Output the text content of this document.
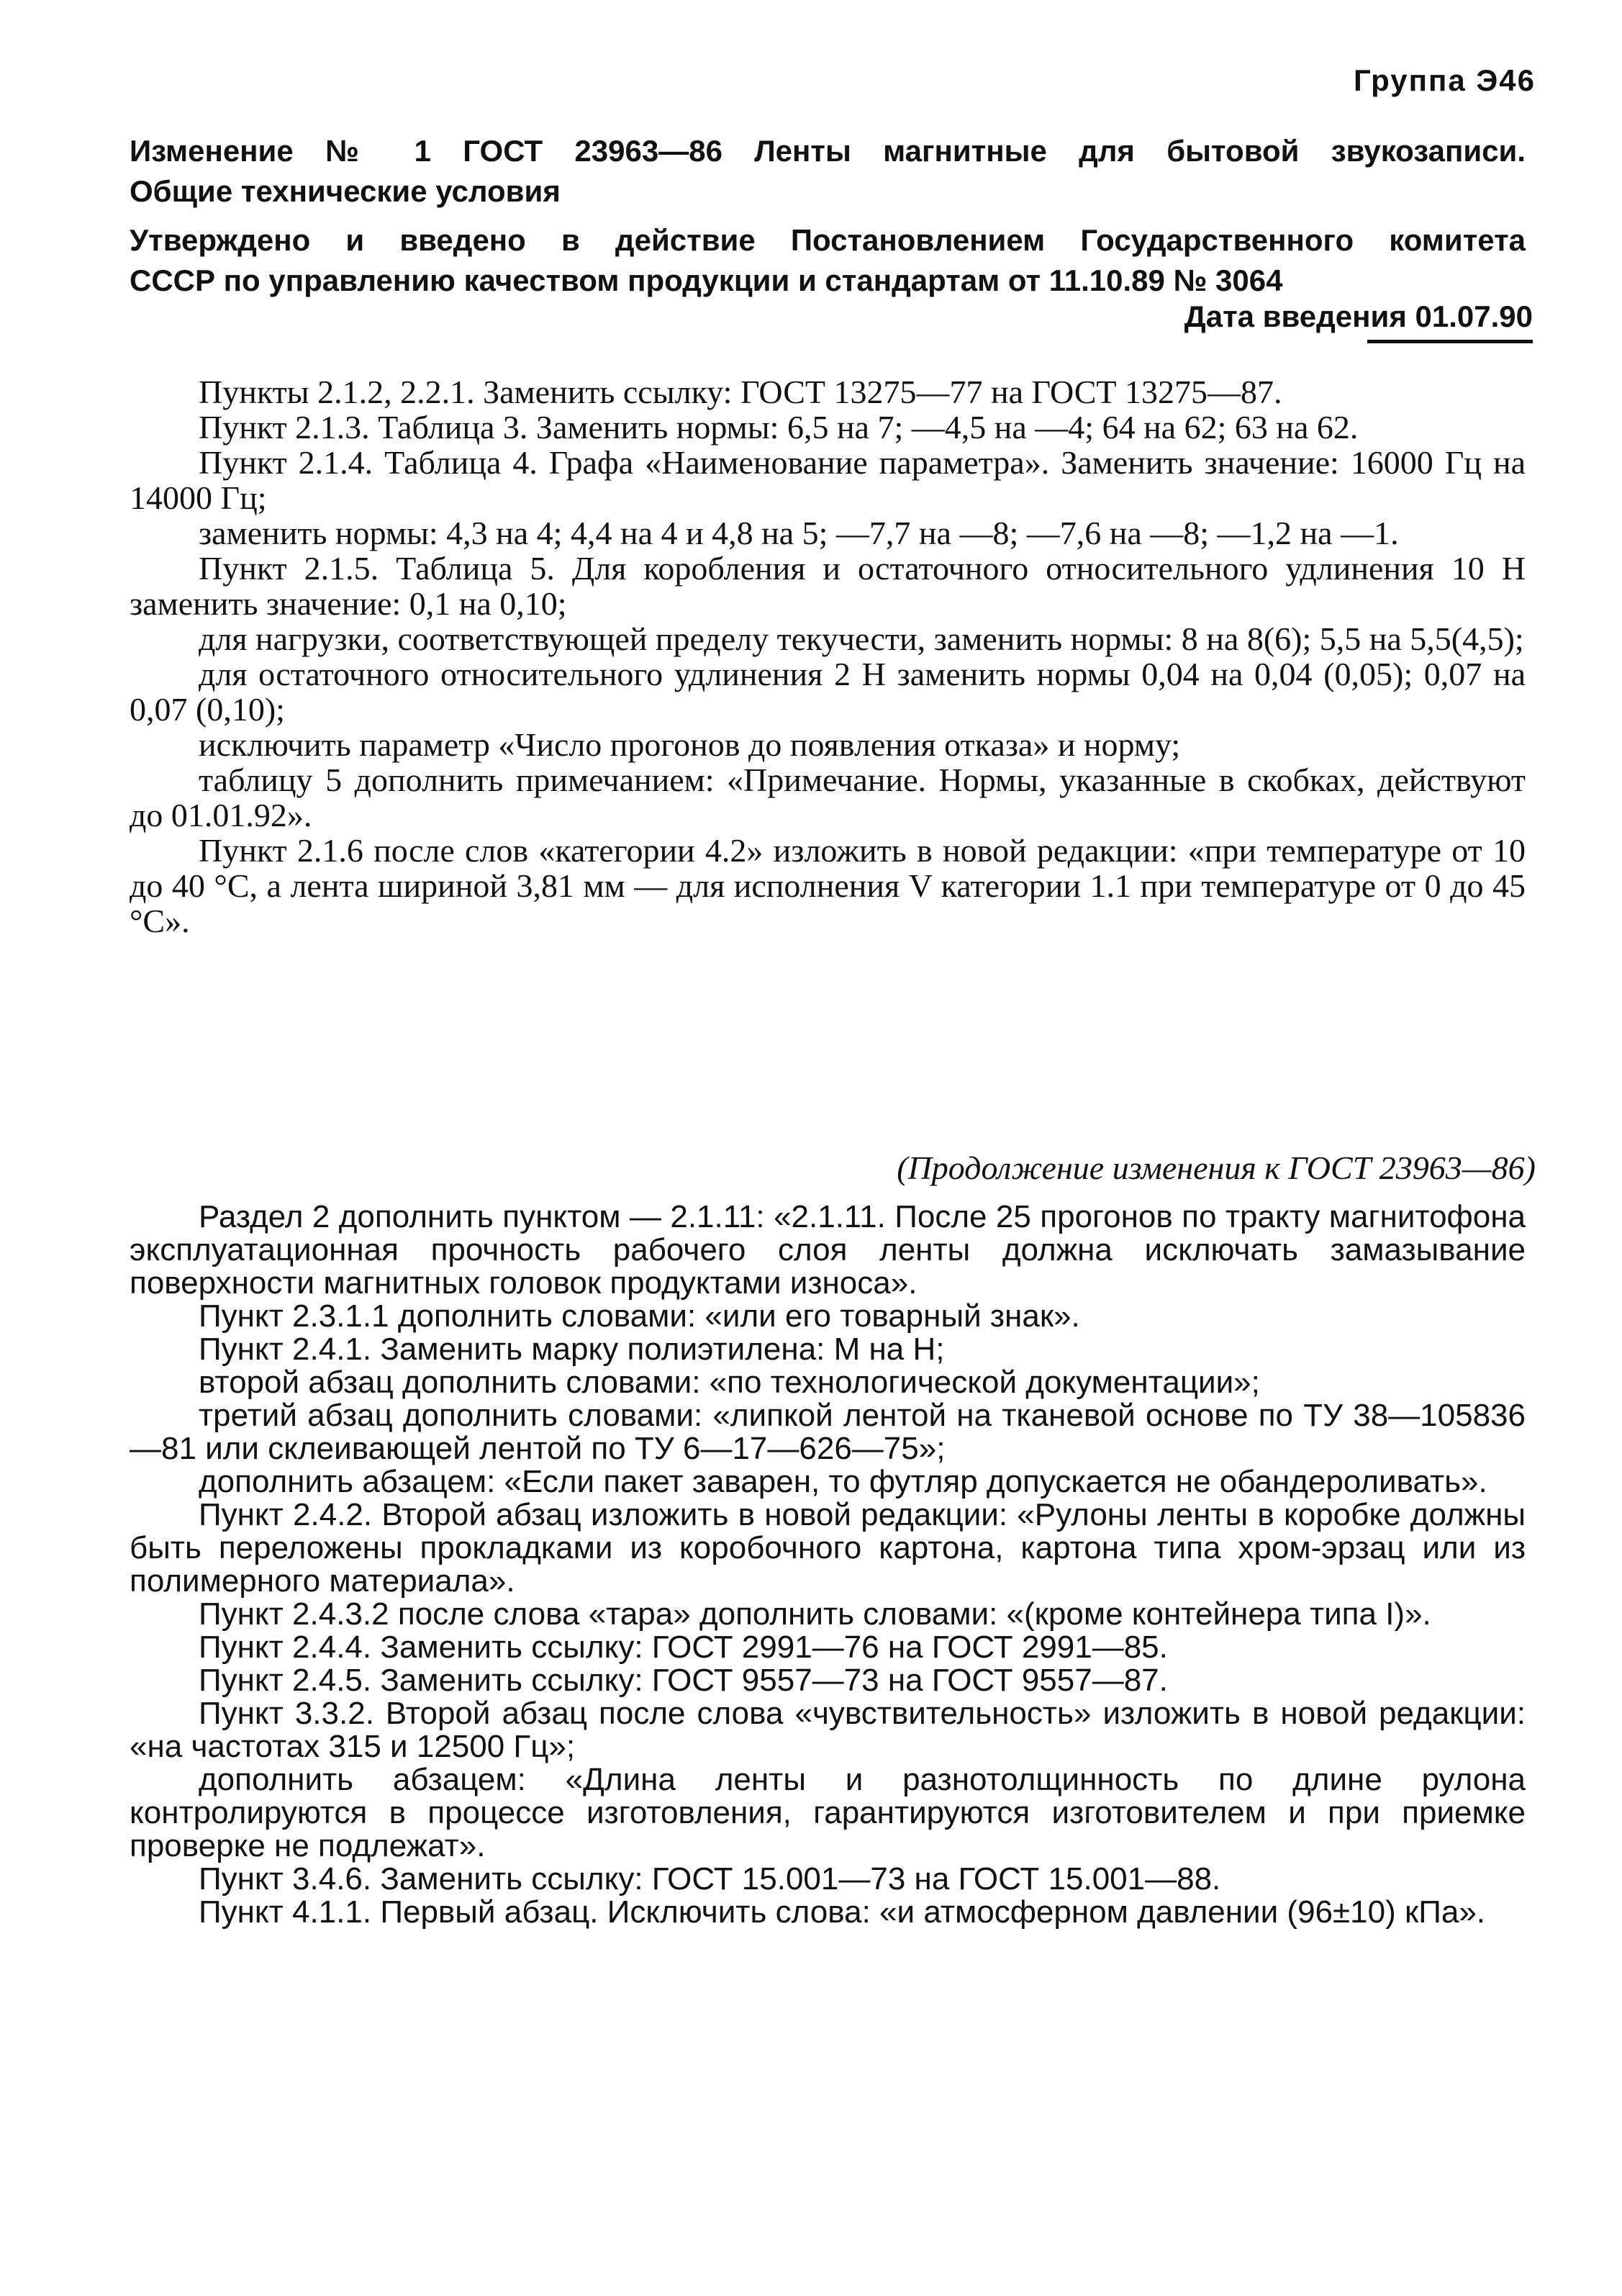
Группа Э46

Изменение № 1 ГОСТ 23963—86 Ленты магнитные для бытовой звукозаписи.

Общие технические условия

Утверждено и введено в действие Постановлением Государственного комитета

СССР по управлению качеством продукции и стандартам от 11.10.89 № 3064

Дата введения 01.07.90

Пункты 2.1.2, 2.2.1. Заменить ссылку: ГОСТ 13275—77 на ГОСТ 13275—87.

Пункт 2.1.3. Таблица 3. Заменить нормы: 6,5 на 7; —4,5 на —4; 64 на 62; 63 на 62.

Пункт 2.1.4. Таблица 4. Графа «Наименование параметра». Заменить значение: 16000 Гц на 14000 Гц;

заменить нормы: 4,3 на 4; 4,4 на 4 и 4,8 на 5; —7,7 на —8; —7,6 на —8; —1,2 на —1.

Пункт 2.1.5. Таблица 5. Для коробления и остаточного относительного удлинения 10 Н заменить значение: 0,1 на 0,10;

для нагрузки, соответствующей пределу текучести, заменить нормы: 8 на 8(6); 5,5 на 5,5(4,5);

для остаточного относительного удлинения 2 Н заменить нормы 0,04 на 0,04 (0,05); 0,07 на 0,07 (0,10);

исключить параметр «Число прогонов до появления отказа» и норму;

таблицу 5 дополнить примечанием: «Примечание. Нормы, указанные в скобках, действуют до 01.01.92».

Пункт 2.1.6 после слов «категории 4.2» изложить в новой редакции: «при температуре от 10 до 40 °С, а лента шириной 3,81 мм — для исполнения V категории 1.1 при температуре от 0 до 45 °С».

(Продолжение изменения к ГОСТ 23963—86)

Раздел 2 дополнить пунктом — 2.1.11: «2.1.11. После 25 прогонов по тракту магнитофона эксплуатационная прочность рабочего слоя ленты должна исключать замазывание поверхности магнитных головок продуктами износа».

Пункт 2.3.1.1 дополнить словами: «или его товарный знак».

Пункт 2.4.1. Заменить марку полиэтилена: М на Н;

второй абзац дополнить словами: «по технологической документации»;

третий абзац дополнить словами: «липкой лентой на тканевой основе по ТУ 38—105836—81 или склеивающей лентой по ТУ 6—17—626—75»;

дополнить абзацем: «Если пакет заварен, то футляр допускается не обандероливать».

Пункт 2.4.2. Второй абзац изложить в новой редакции: «Рулоны ленты в коробке должны быть переложены прокладками из коробочного картона, картона типа хром-эрзац или из полимерного материала».

Пункт 2.4.3.2 после слова «тара» дополнить словами: «(кроме контейнера типа I)».

Пункт 2.4.4. Заменить ссылку: ГОСТ 2991—76 на ГОСТ 2991—85.

Пункт 2.4.5. Заменить ссылку: ГОСТ 9557—73 на ГОСТ 9557—87.

Пункт 3.3.2. Второй абзац после слова «чувствительность» изложить в новой редакции: «на частотах 315 и 12500 Гц»;

дополнить абзацем: «Длина ленты и разнотолщинность по длине рулона контролируются в процессе изготовления, гарантируются изготовителем и при приемке проверке не подлежат».

Пункт 3.4.6. Заменить ссылку: ГОСТ 15.001—73 на ГОСТ 15.001—88.

Пункт 4.1.1. Первый абзац. Исключить слова: «и атмосферном давлении (96±10) кПа».
